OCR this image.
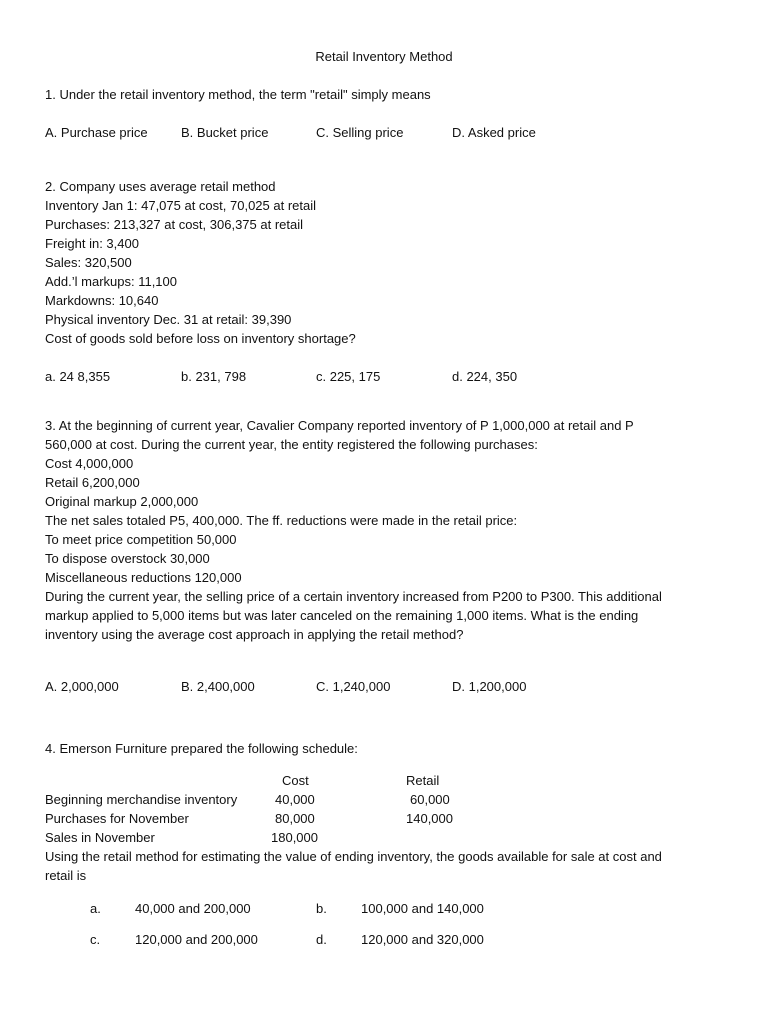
Retail Inventory Method
1. Under the retail inventory method, the term "retail" simply means
A. Purchase price	B. Bucket price	C. Selling price	D. Asked price
2. Company uses average retail method
Inventory Jan 1: 47,075 at cost, 70,025 at retail
Purchases: 213,327 at cost, 306,375 at retail
Freight in: 3,400
Sales: 320,500
Add.’l markups: 11,100
Markdowns: 10,640
Physical inventory Dec. 31 at retail: 39,390
Cost of goods sold before loss on inventory shortage?
a. 24 8,355	b. 231, 798	c. 225, 175	d. 224, 350
3. At the beginning of current year, Cavalier Company reported inventory of P 1,000,000 at retail and P
560,000 at cost. During the current year, the entity registered the following purchases:
Cost 4,000,000
Retail 6,200,000
Original markup 2,000,000
The net sales totaled P5, 400,000. The ff. reductions were made in the retail price:
To meet price competition 50,000
To dispose overstock 30,000
Miscellaneous reductions 120,000
During the current year, the selling price of a certain inventory increased from P200 to P300. This additional
markup applied to 5,000 items but was later canceled on the remaining 1,000 items. What is the ending
inventory using the average cost approach in applying the retail method?
A. 2,000,000	B. 2,400,000	C. 1,240,000	D. 1,200,000
4. Emerson Furniture prepared the following schedule:
Cost	Retail
Beginning merchandise inventory	40,000	60,000
Purchases for November	80,000	140,000
Sales in November	180,000
Using the retail method for estimating the value of ending inventory, the goods available for sale at cost and
retail is
a.	40,000 and 200,000	b.	100,000 and 140,000
c.	120,000 and 200,000	d.	120,000 and 320,000
